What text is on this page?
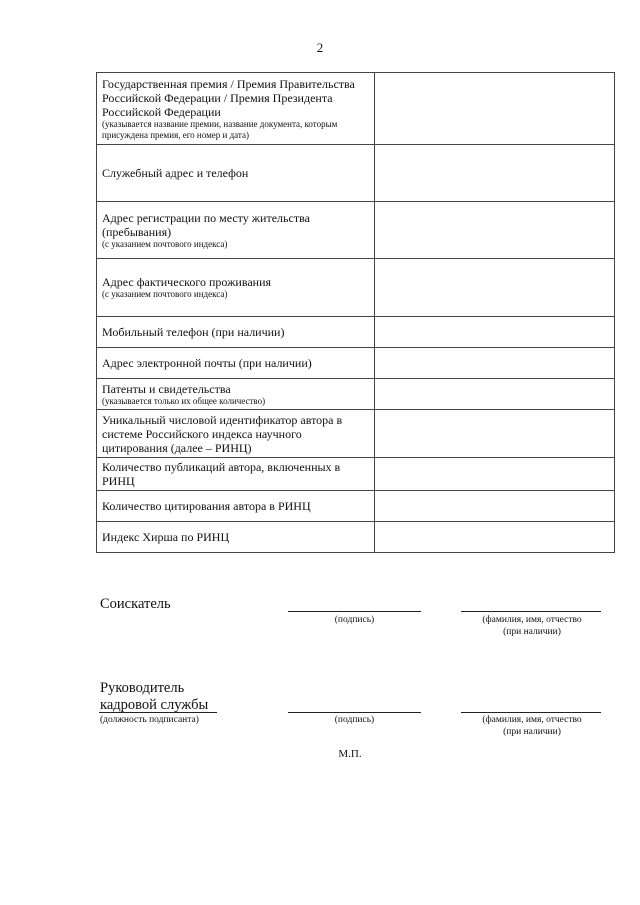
2
Государственная премия / Премия Правительства Российской Федерации / Премия Президента Российской Федерации
(указывается название премии, название документа, которым присуждена премия, его номер и дата)	

Служебный адрес и телефон	

Адрес регистрации по месту жительства (пребывания)
(с указанием почтового индекса)	

Адрес фактического проживания
(с указанием почтового индекса)	

Мобильный телефон (при наличии)	

Адрес электронной почты (при наличии)	

Патенты и свидетельства
(указывается только их общее количество)	

Уникальный числовой идентификатор автора в системе Российского индекса научного цитирования (далее – РИНЦ)	

Количество публикаций автора, включенных в РИНЦ	

Количество цитирования автора в РИНЦ	

Индекс Хирша по РИНЦ	

Соискатель
(подпись)	(фамилия, имя, отчество
(при наличии)
Руководитель
кадровой службы
(должность подписанта)	(подпись)	(фамилия, имя, отчество
(при наличии)
М.П.
